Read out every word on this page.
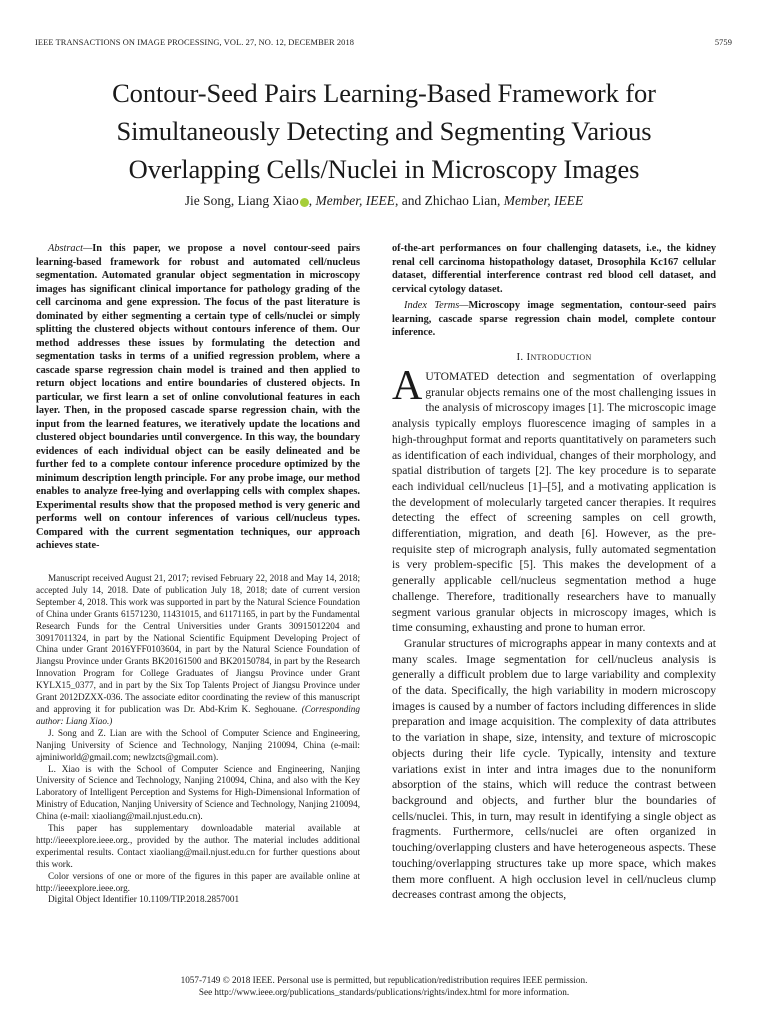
IEEE TRANSACTIONS ON IMAGE PROCESSING, VOL. 27, NO. 12, DECEMBER 2018	5759
Contour-Seed Pairs Learning-Based Framework for
Simultaneously Detecting and Segmenting Various
Overlapping Cells/Nuclei in Microscopy Images
Jie Song, Liang Xiao , Member, IEEE, and Zhichao Lian, Member, IEEE
Abstract—In this paper, we propose a novel contour-seed pairs learning-based framework for robust and automated cell/nucleus segmentation. Automated granular object segmentation in microscopy images has significant clinical importance for pathology grading of the cell carcinoma and gene expression. The focus of the past literature is dominated by either segmenting a certain type of cells/nuclei or simply splitting the clustered objects without contours inference of them. Our method addresses these issues by formulating the detection and segmentation tasks in terms of a unified regression problem, where a cascade sparse regression chain model is trained and then applied to return object locations and entire boundaries of clustered objects. In particular, we first learn a set of online convolutional features in each layer. Then, in the proposed cascade sparse regression chain, with the input from the learned features, we iteratively update the locations and clustered object boundaries until convergence. In this way, the boundary evidences of each individual object can be easily delineated and be further fed to a complete contour inference procedure optimized by the minimum description length principle. For any probe image, our method enables to analyze free-lying and overlapping cells with complex shapes. Experimental results show that the proposed method is very generic and performs well on contour inferences of various cell/nucleus types. Compared with the current segmentation techniques, our approach achieves state-

Manuscript received August 21, 2017; revised February 22, 2018 and May 14, 2018; accepted July 14, 2018. Date of publication July 18, 2018; date of current version September 4, 2018. This work was supported in part by the Natural Science Foundation of China under Grants 61571230, 11431015, and 61171165, in part by the Fundamental Research Funds for the Central Universities under Grants 30915012204 and 30917011324, in part by the National Scientific Equipment Developing Project of China under Grant 2016YFF0103604, in part by the Natural Science Foundation of Jiangsu Province under Grants BK20161500 and BK20150784, in part by the Research Innovation Program for College Graduates of Jiangsu Province under Grant KYLX15_0377, and in part by the Six Top Talents Project of Jiangsu Province under Grant 2012DZXX-036. The associate editor coordinating the review of this manuscript and approving it for publication was Dr. Abd-Krim K. Seghouane. (Corresponding author: Liang Xiao.)

J. Song and Z. Lian are with the School of Computer Science and Engineering, Nanjing University of Science and Technology, Nanjing 210094, China (e-mail: ajminiworld@gmail.com; newlzcts@gmail.com).

L. Xiao is with the School of Computer Science and Engineering, Nanjing University of Science and Technology, Nanjing 210094, China, and also with the Key Laboratory of Intelligent Perception and Systems for High-Dimensional Information of Ministry of Education, Nanjing University of Science and Technology, Nanjing 210094, China (e-mail: xiaoliang@mail.njust.edu.cn).

This paper has supplementary downloadable material available at http://ieeexplore.ieee.org., provided by the author. The material includes additional experimental results. Contact xiaoliang@mail.njust.edu.cn for further questions about this work.

Color versions of one or more of the figures in this paper are available online at http://ieeexplore.ieee.org.

Digital Object Identifier 10.1109/TIP.2018.2857001

of-the-art performances on four challenging datasets, i.e., the kidney renal cell carcinoma histopathology dataset, Drosophila Kc167 cellular dataset, differential interference contrast red blood cell dataset, and cervical cytology dataset.

Index Terms—Microscopy image segmentation, contour-seed pairs learning, cascade sparse regression chain model, complete contour inference.

I. Introduction

AUTOMATED detection and segmentation of overlapping granular objects remains one of the most challenging issues in the analysis of microscopy images [1]. The microscopic image analysis typically employs fluorescence imaging of samples in a high-throughput format and reports quantitatively on parameters such as identification of each individual, changes of their morphology, and spatial distribution of targets [2]. The key procedure is to separate each individual cell/nucleus [1]–[5], and a motivating application is the development of molecularly targeted cancer therapies. It requires detecting the effect of screening samples on cell growth, differentiation, migration, and death [6]. However, as the pre-requisite step of micrograph analysis, fully automated segmentation is very problem-specific [5]. This makes the development of a generally applicable cell/nucleus segmentation method a huge challenge. Therefore, traditionally researchers have to manually segment various granular objects in microscopy images, which is time consuming, exhausting and prone to human error.

Granular structures of micrographs appear in many contexts and at many scales. Image segmentation for cell/nucleus analysis is generally a difficult problem due to large variability and complexity of the data. Specifically, the high variability in modern microscopy images is caused by a number of factors including differences in slide preparation and image acquisition. The complexity of data attributes to the variation in shape, size, intensity, and texture of microscopic objects during their life cycle. Typically, intensity and texture variations exist in inter and intra images due to the nonuniform absorption of the stains, which will reduce the contrast between background and objects, and further blur the boundaries of cells/nuclei. This, in turn, may result in identifying a single object as fragments. Furthermore, cells/nuclei are often organized in touching/overlapping clusters and have heterogeneous aspects. These touching/overlapping structures take up more space, which makes them more confluent. A high occlusion level in cell/nucleus clump decreases contrast among the objects,

1057-7149 © 2018 IEEE. Personal use is permitted, but republication/redistribution requires IEEE permission.
See http://www.ieee.org/publications_standards/publications/rights/index.html for more information.
